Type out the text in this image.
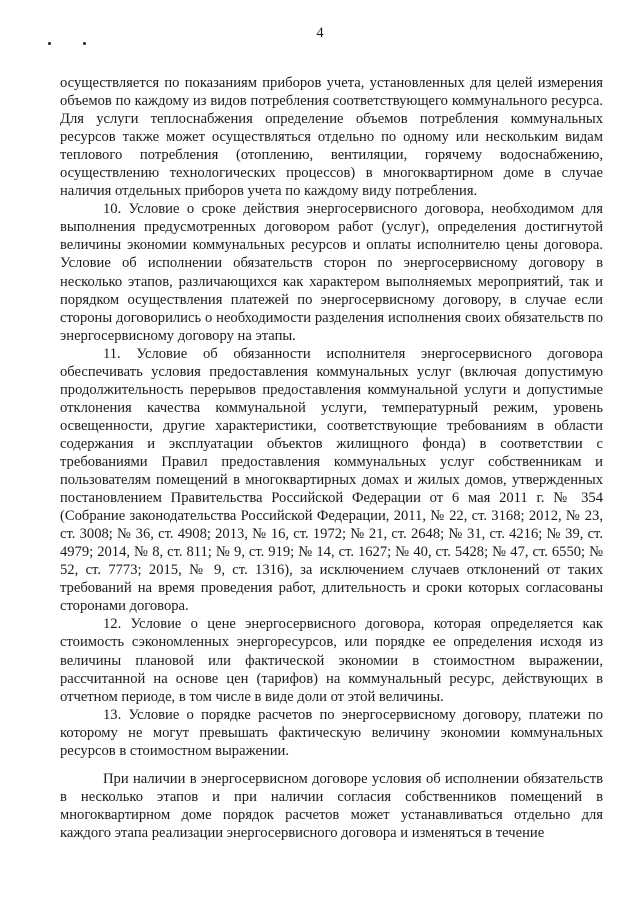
4

осуществляется по показаниям приборов учета, установленных для целей измерения объемов по каждому из видов потребления соответствующего коммунального ресурса. Для услуги теплоснабжения определение объемов потребления коммунальных ресурсов также может осуществляться отдельно по одному или нескольким видам теплового потребления (отоплению, вентиляции, горячему водоснабжению, осуществлению технологических процессов) в многоквартирном доме в случае наличия отдельных приборов учета по каждому виду потребления.

10. Условие о сроке действия энергосервисного договора, необходимом для выполнения предусмотренных договором работ (услуг), определения достигнутой величины экономии коммунальных ресурсов и оплаты исполнителю цены договора. Условие об исполнении обязательств сторон по энергосервисному договору в несколько этапов, различающихся как характером выполняемых мероприятий, так и порядком осуществления платежей по энергосервисному договору, в случае если стороны договорились о необходимости разделения исполнения своих обязательств по энергосервисному договору на этапы.

11. Условие об обязанности исполнителя энергосервисного договора обеспечивать условия предоставления коммунальных услуг (включая допустимую продолжительность перерывов предоставления коммунальной услуги и допустимые отклонения качества коммунальной услуги, температурный режим, уровень освещенности, другие характеристики, соответствующие требованиям в области содержания и эксплуатации объектов жилищного фонда) в соответствии с требованиями Правил предоставления коммунальных услуг собственникам и пользователям помещений в многоквартирных домах и жилых домов, утвержденных постановлением Правительства Российской Федерации от 6 мая 2011 г. № 354 (Собрание законодательства Российской Федерации, 2011, № 22, ст. 3168; 2012, № 23, ст. 3008; № 36, ст. 4908; 2013, № 16, ст. 1972; № 21, ст. 2648; № 31, ст. 4216; № 39, ст. 4979; 2014, № 8, ст. 811; № 9, ст. 919; № 14, ст. 1627; № 40, ст. 5428; № 47, ст. 6550; № 52, ст. 7773; 2015, № 9, ст. 1316), за исключением случаев отклонений от таких требований на время проведения работ, длительность и сроки которых согласованы сторонами договора.

12. Условие о цене энергосервисного договора, которая определяется как стоимость сэкономленных энергоресурсов, или порядке ее определения исходя из величины плановой или фактической экономии в стоимостном выражении, рассчитанной на основе цен (тарифов) на коммунальный ресурс, действующих в отчетном периоде, в том числе в виде доли от этой величины.

13. Условие о порядке расчетов по энергосервисному договору, платежи по которому не могут превышать фактическую величину экономии коммунальных ресурсов в стоимостном выражении.

При наличии в энергосервисном договоре условия об исполнении обязательств в несколько этапов и при наличии согласия собственников помещений в многоквартирном доме порядок расчетов может устанавливаться отдельно для каждого этапа реализации энергосервисного договора и изменяться в течение
